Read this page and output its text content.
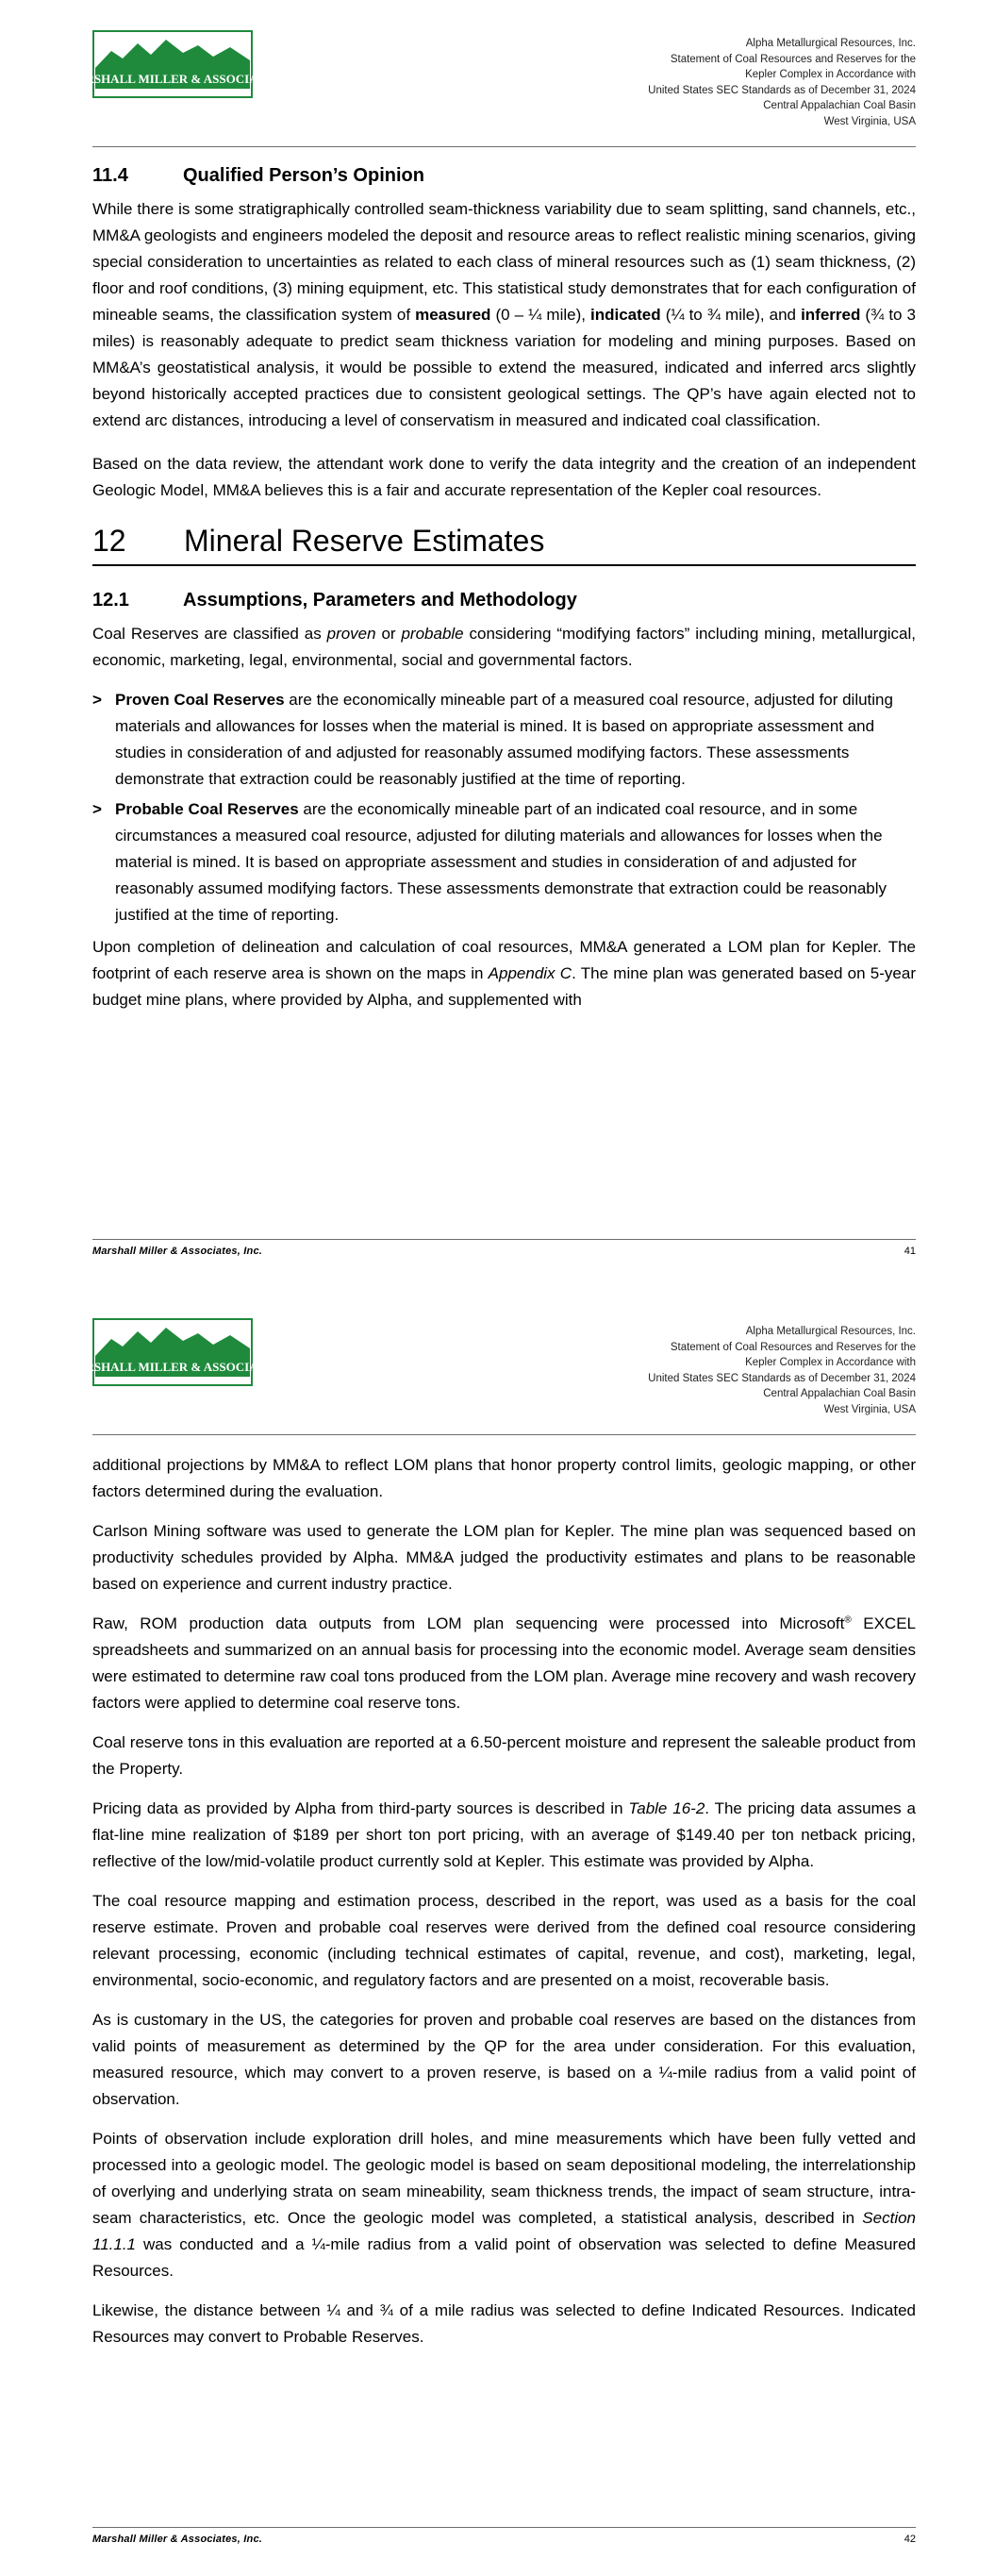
MARSHALL MILLER & ASSOCIATES
Alpha Metallurgical Resources, Inc.
Statement of Coal Resources and Reserves for the
Kepler Complex in Accordance with
United States SEC Standards as of December 31, 2024
Central Appalachian Coal Basin
West Virginia, USA
11.4	Qualified Person’s Opinion

While there is some stratigraphically controlled seam-thickness variability due to seam splitting, sand channels, etc., MM&A geologists and engineers modeled the deposit and resource areas to reflect realistic mining scenarios, giving special consideration to uncertainties as related to each class of mineral resources such as (1) seam thickness, (2) floor and roof conditions, (3) mining equipment, etc. This statistical study demonstrates that for each configuration of mineable seams, the classification system of measured (0 – ¼ mile), indicated (¼ to ¾ mile), and inferred (¾ to 3 miles) is reasonably adequate to predict seam thickness variation for modeling and mining purposes. Based on MM&A’s geostatistical analysis, it would be possible to extend the measured, indicated and inferred arcs slightly beyond historically accepted practices due to consistent geological settings. The QP’s have again elected not to extend arc distances, introducing a level of conservatism in measured and indicated coal classification.

Based on the data review, the attendant work done to verify the data integrity and the creation of an independent Geologic Model, MM&A believes this is a fair and accurate representation of the Kepler coal resources.

12 Mineral Reserve Estimates
12.1	Assumptions, Parameters and Methodology

Coal Reserves are classified as proven or probable considering “modifying factors” including mining, metallurgical, economic, marketing, legal, environmental, social and governmental factors.

> Proven Coal Reserves are the economically mineable part of a measured coal resource, adjusted for diluting materials and allowances for losses when the material is mined. It is based on appropriate assessment and studies in consideration of and adjusted for reasonably assumed modifying factors. These assessments demonstrate that extraction could be reasonably justified at the time of reporting.
> Probable Coal Reserves are the economically mineable part of an indicated coal resource, and in some circumstances a measured coal resource, adjusted for diluting materials and allowances for losses when the material is mined. It is based on appropriate assessment and studies in consideration of and adjusted for reasonably assumed modifying factors. These assessments demonstrate that extraction could be reasonably justified at the time of reporting.

Upon completion of delineation and calculation of coal resources, MM&A generated a LOM plan for Kepler. The footprint of each reserve area is shown on the maps in Appendix C. The mine plan was generated based on 5-year budget mine plans, where provided by Alpha, and supplemented with

Marshall Miller & Associates, Inc.	41
MARSHALL MILLER & ASSOCIATES
Alpha Metallurgical Resources, Inc.
Statement of Coal Resources and Reserves for the
Kepler Complex in Accordance with
United States SEC Standards as of December 31, 2024
Central Appalachian Coal Basin
West Virginia, USA

additional projections by MM&A to reflect LOM plans that honor property control limits, geologic mapping, or other factors determined during the evaluation.

Carlson Mining software was used to generate the LOM plan for Kepler. The mine plan was sequenced based on productivity schedules provided by Alpha. MM&A judged the productivity estimates and plans to be reasonable based on experience and current industry practice.

Raw, ROM production data outputs from LOM plan sequencing were processed into Microsoft® EXCEL spreadsheets and summarized on an annual basis for processing into the economic model. Average seam densities were estimated to determine raw coal tons produced from the LOM plan. Average mine recovery and wash recovery factors were applied to determine coal reserve tons.

Coal reserve tons in this evaluation are reported at a 6.50-percent moisture and represent the saleable product from the Property.

Pricing data as provided by Alpha from third-party sources is described in Table 16-2. The pricing data assumes a flat-line mine realization of $189 per short ton port pricing, with an average of $149.40 per ton netback pricing, reflective of the low/mid-volatile product currently sold at Kepler. This estimate was provided by Alpha.

The coal resource mapping and estimation process, described in the report, was used as a basis for the coal reserve estimate. Proven and probable coal reserves were derived from the defined coal resource considering relevant processing, economic (including technical estimates of capital, revenue, and cost), marketing, legal, environmental, socio-economic, and regulatory factors and are presented on a moist, recoverable basis.

As is customary in the US, the categories for proven and probable coal reserves are based on the distances from valid points of measurement as determined by the QP for the area under consideration. For this evaluation, measured resource, which may convert to a proven reserve, is based on a ¼-mile radius from a valid point of observation.

Points of observation include exploration drill holes, and mine measurements which have been fully vetted and processed into a geologic model. The geologic model is based on seam depositional modeling, the interrelationship of overlying and underlying strata on seam mineability, seam thickness trends, the impact of seam structure, intra-seam characteristics, etc. Once the geologic model was completed, a statistical analysis, described in Section 11.1.1 was conducted and a ¼-mile radius from a valid point of observation was selected to define Measured Resources.

Likewise, the distance between ¼ and ¾ of a mile radius was selected to define Indicated Resources. Indicated Resources may convert to Probable Reserves.

Marshall Miller & Associates, Inc.	42
